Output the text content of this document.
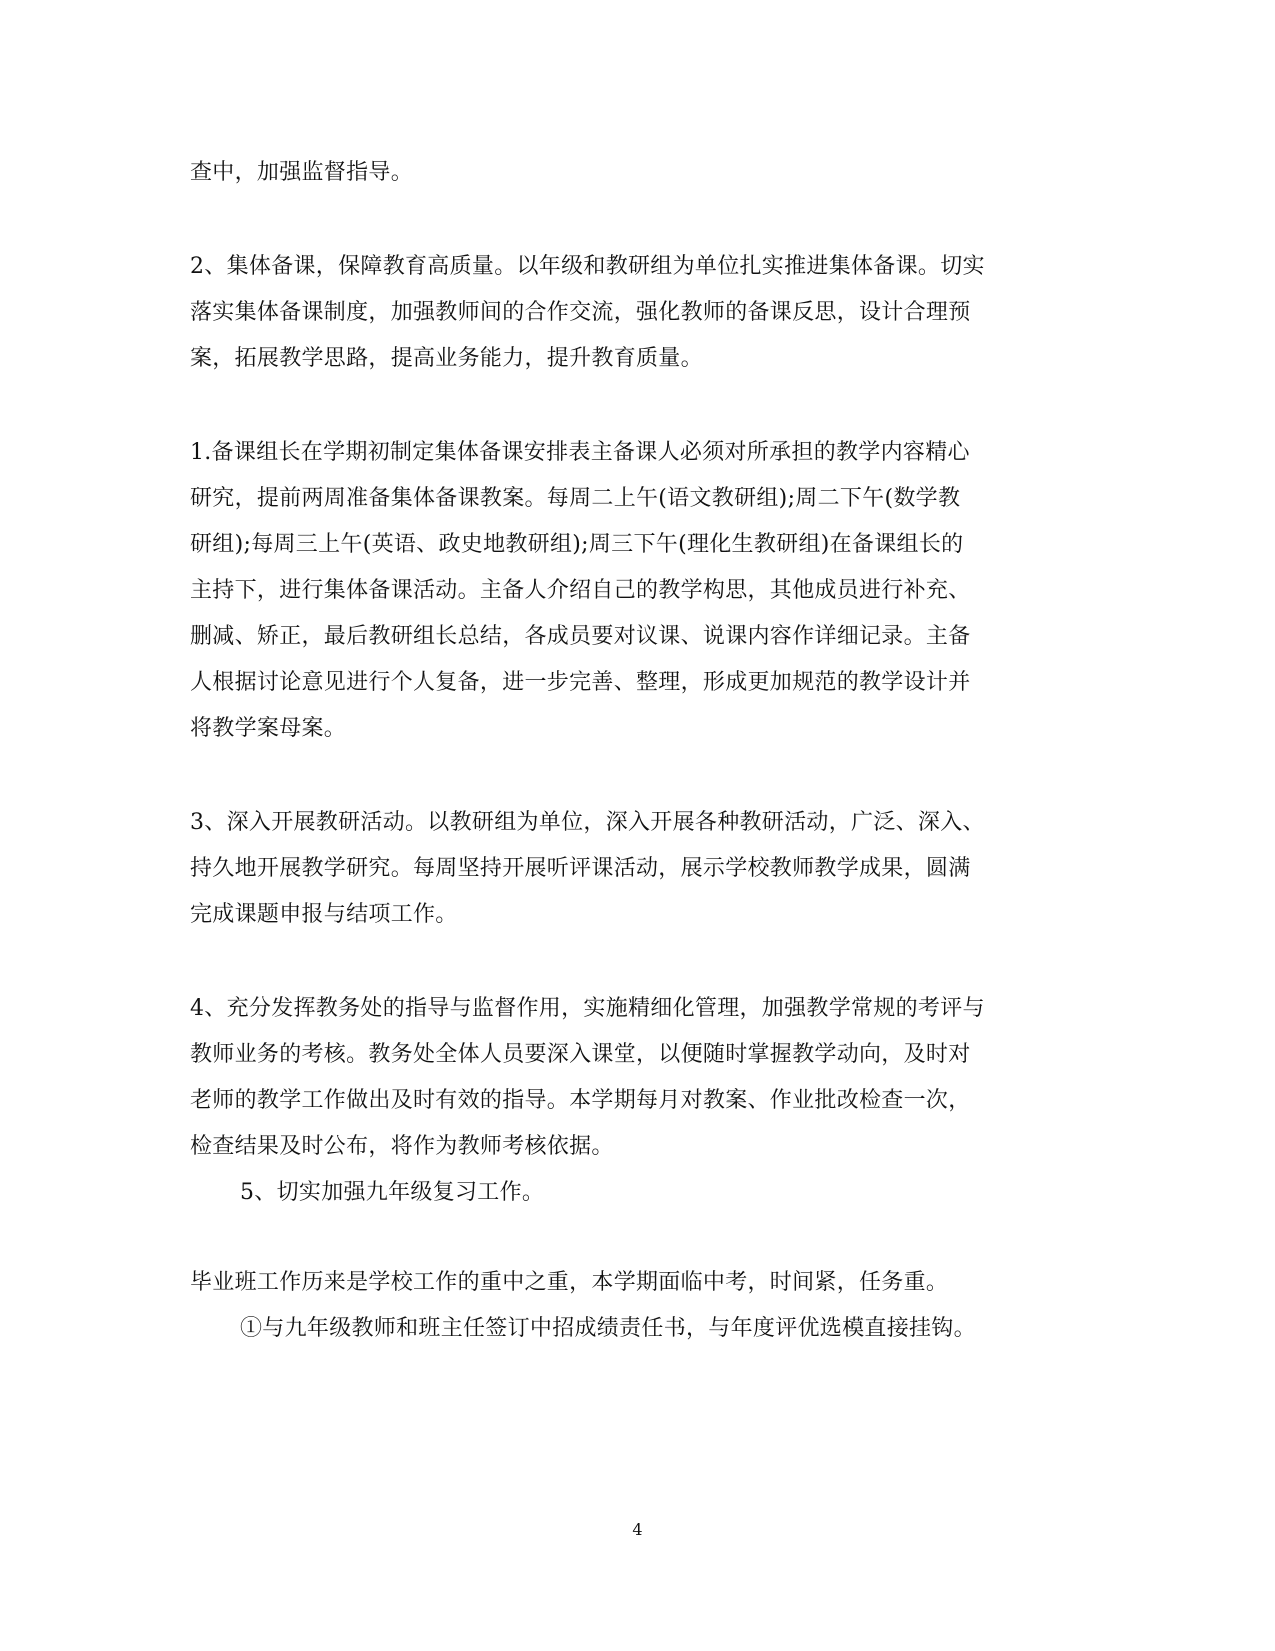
查中，加强监督指导。
2、集体备课，保障教育高质量。以年级和教研组为单位扎实推进集体备课。切实
落实集体备课制度，加强教师间的合作交流，强化教师的备课反思，设计合理预
案，拓展教学思路，提高业务能力，提升教育质量。
1.备课组长在学期初制定集体备课安排表主备课人必须对所承担的教学内容精心
研究，提前两周准备集体备课教案。每周二上午(语文教研组);周二下午(数学教
研组);每周三上午(英语、政史地教研组);周三下午(理化生教研组)在备课组长的
主持下，进行集体备课活动。主备人介绍自己的教学构思，其他成员进行补充、
删减、矫正，最后教研组长总结，各成员要对议课、说课内容作详细记录。主备
人根据讨论意见进行个人复备，进一步完善、整理，形成更加规范的教学设计并
将教学案母案。
3、深入开展教研活动。以教研组为单位，深入开展各种教研活动，广泛、深入、
持久地开展教学研究。每周坚持开展听评课活动，展示学校教师教学成果，圆满
完成课题申报与结项工作。
4、充分发挥教务处的指导与监督作用，实施精细化管理，加强教学常规的考评与
教师业务的考核。教务处全体人员要深入课堂，以便随时掌握教学动向，及时对
老师的教学工作做出及时有效的指导。本学期每月对教案、作业批改检查一次，
检查结果及时公布，将作为教师考核依据。
5、切实加强九年级复习工作。
毕业班工作历来是学校工作的重中之重，本学期面临中考，时间紧，任务重。
①与九年级教师和班主任签订中招成绩责任书，与年度评优选模直接挂钩。
4
